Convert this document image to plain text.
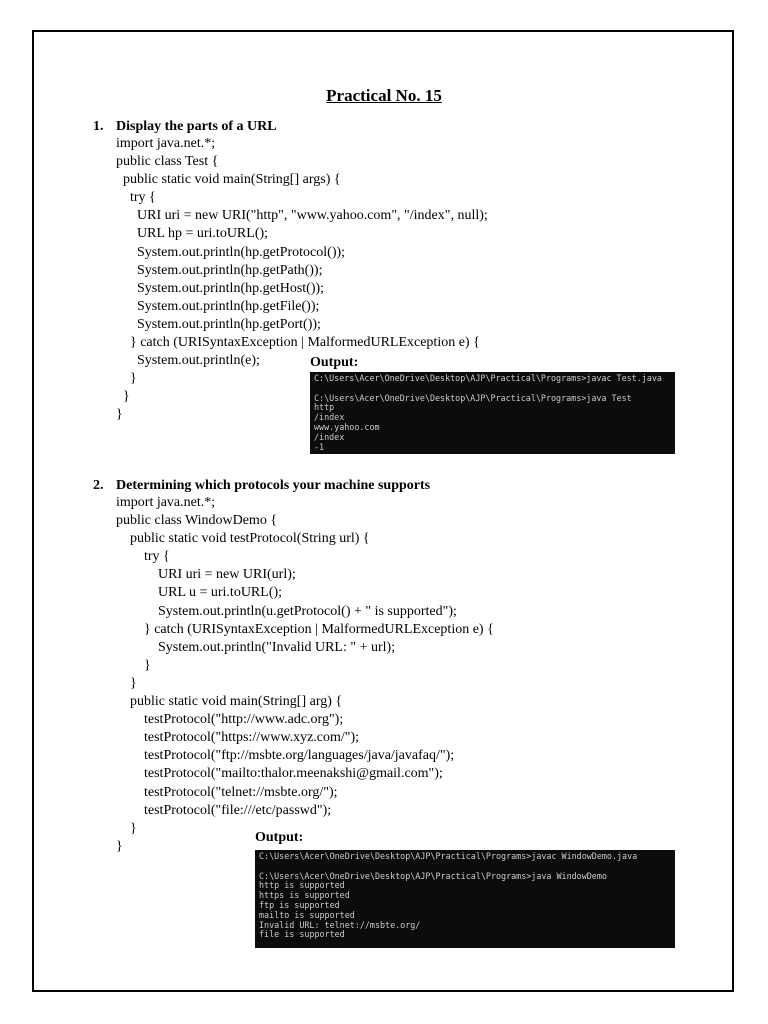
Practical No. 15
1. Display the parts of a URL
import java.net.*;
public class Test {
public static void main(String[] args) {
try {
URI uri = new URI("http", "www.yahoo.com", "/index", null);
URL hp = uri.toURL();
System.out.println(hp.getProtocol());
System.out.println(hp.getPath());
System.out.println(hp.getHost());
System.out.println(hp.getFile());
System.out.println(hp.getPort());
} catch (URISyntaxException | MalformedURLException e) {
System.out.println(e);
}
}
}

Output:
C:\Users\Acer\OneDrive\Desktop\AJP\Practical\Programs>javac Test.java
C:\Users\Acer\OneDrive\Desktop\AJP\Practical\Programs>java Test
http
/index
www.yahoo.com
/index
-1
2. Determining which protocols your machine supports
import java.net.*;
public class WindowDemo {
public static void testProtocol(String url) {
try {
URI uri = new URI(url);
URL u = uri.toURL();
System.out.println(u.getProtocol() + " is supported");
} catch (URISyntaxException | MalformedURLException e) {
System.out.println("Invalid URL: " + url);
}
}
public static void main(String[] arg) {
testProtocol("http://www.adc.org");
testProtocol("https://www.xyz.com/");
testProtocol("ftp://msbte.org/languages/java/javafaq/");
testProtocol("mailto:thalor.meenakshi@gmail.com");
testProtocol("telnet://msbte.org/");
testProtocol("file:///etc/passwd");
}
}

Output:
C:\Users\Acer\OneDrive\Desktop\AJP\Practical\Programs>javac WindowDemo.java
C:\Users\Acer\OneDrive\Desktop\AJP\Practical\Programs>java WindowDemo
http is supported
https is supported
ftp is supported
mailto is supported
Invalid URL: telnet://msbte.org/
file is supported
